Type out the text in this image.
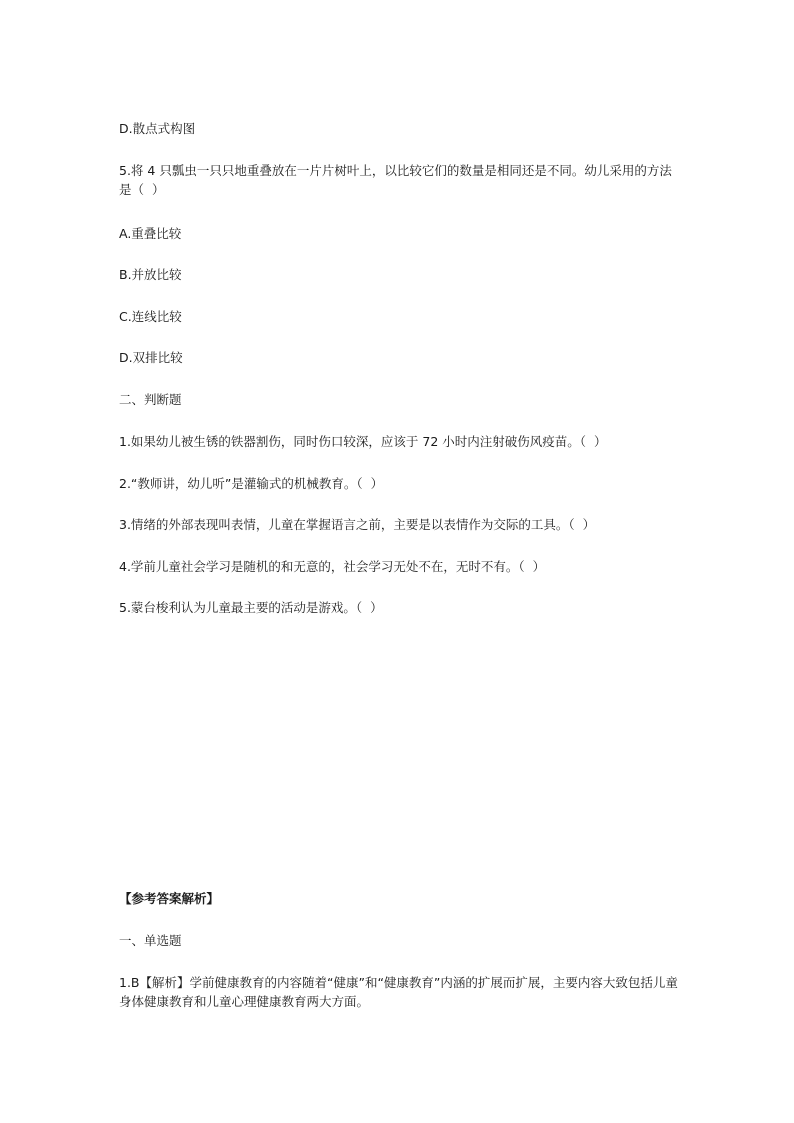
D.散点式构图

5.将 4 只瓢虫一只只地重叠放在一片片树叶上，以比较它们的数量是相同还是不同。幼儿采用的方法是（  ）

A.重叠比较

B.并放比较

C.连线比较

D.双排比较

二、判断题

1.如果幼儿被生锈的铁器割伤，同时伤口较深，应该于 72 小时内注射破伤风疫苗。（  ）

2.“教师讲，幼儿听”是灌输式的机械教育。（  ）

3.情绪的外部表现叫表情，儿童在掌握语言之前，主要是以表情作为交际的工具。（  ）

4.学前儿童社会学习是随机的和无意的，社会学习无处不在，无时不有。（  ）

5.蒙台梭利认为儿童最主要的活动是游戏。（  ）

【参考答案解析】

一、单选题

1.B【解析】学前健康教育的内容随着“健康”和“健康教育”内涵的扩展而扩展，主要内容大致包括儿童身体健康教育和儿童心理健康教育两大方面。
